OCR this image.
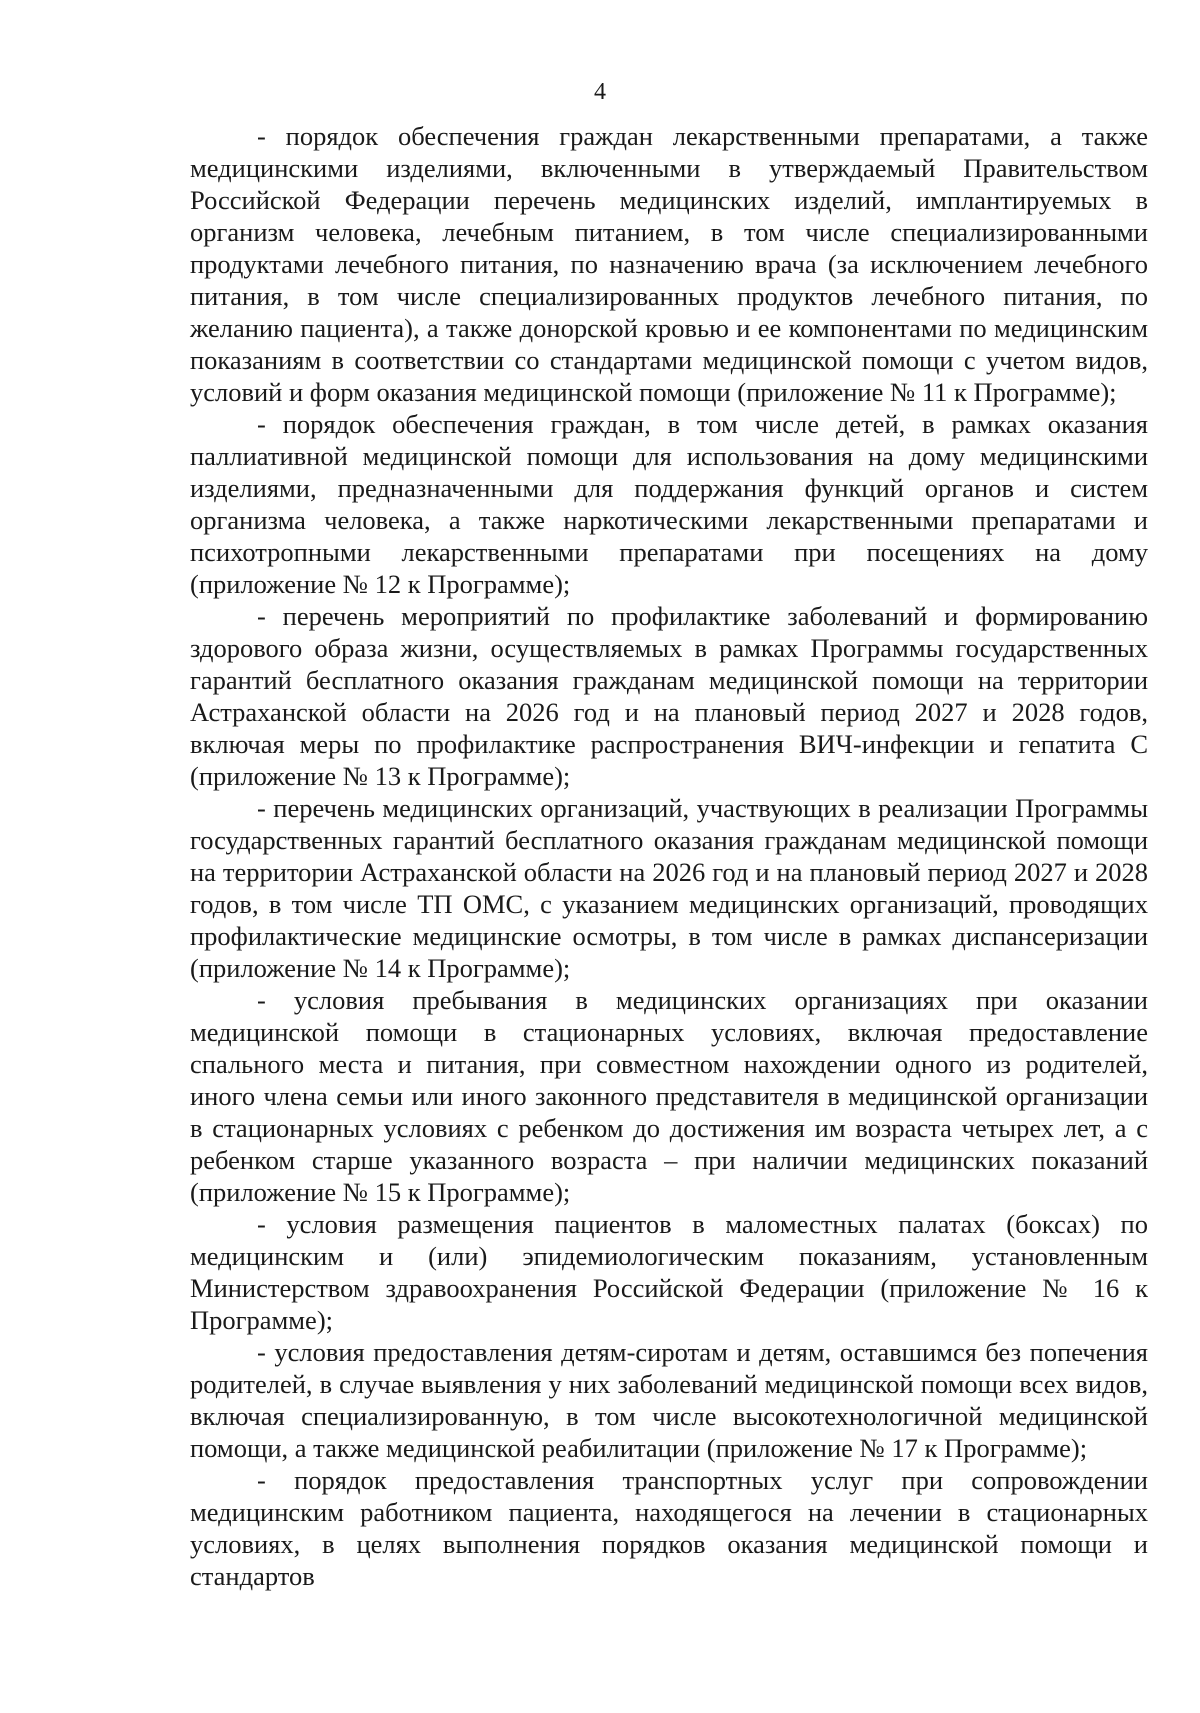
4

- порядок обеспечения граждан лекарственными препаратами, а также медицинскими изделиями, включенными в утверждаемый Правительством Российской Федерации перечень медицинских изделий, имплантируемых в организм человека, лечебным питанием, в том числе специализированными продуктами лечебного питания, по назначению врача (за исключением лечебного питания, в том числе специализированных продуктов лечебного питания, по желанию пациента), а также донорской кровью и ее компонентами по медицинским показаниям в соответствии со стандартами медицинской помощи с учетом видов, условий и форм оказания медицинской помощи (приложение № 11 к Программе);

- порядок обеспечения граждан, в том числе детей, в рамках оказания паллиативной медицинской помощи для использования на дому медицинскими изделиями, предназначенными для поддержания функций органов и систем организма человека, а также наркотическими лекарственными препаратами и психотропными лекарственными препаратами при посещениях на дому (приложение № 12 к Программе);

- перечень мероприятий по профилактике заболеваний и формированию здорового образа жизни, осуществляемых в рамках Программы государственных гарантий бесплатного оказания гражданам медицинской помощи на территории Астраханской области на 2026 год и на плановый период 2027 и 2028 годов, включая меры по профилактике распространения ВИЧ-инфекции и гепатита С (приложение № 13 к Программе);

- перечень медицинских организаций, участвующих в реализации Программы государственных гарантий бесплатного оказания гражданам медицинской помощи на территории Астраханской области на 2026 год и на плановый период 2027 и 2028 годов, в том числе ТП ОМС, с указанием медицинских организаций, проводящих профилактические медицинские осмотры, в том числе в рамках диспансеризации (приложение № 14 к Программе);

- условия пребывания в медицинских организациях при оказании медицинской помощи в стационарных условиях, включая предоставление спального места и питания, при совместном нахождении одного из родителей, иного члена семьи или иного законного представителя в медицинской организации в стационарных условиях с ребенком до достижения им возраста четырех лет, а с ребенком старше указанного возраста – при наличии медицинских показаний (приложение № 15 к Программе);

- условия размещения пациентов в маломестных палатах (боксах) по медицинским и (или) эпидемиологическим показаниям, установленным Министерством здравоохранения Российской Федерации (приложение № 16 к Программе);

- условия предоставления детям-сиротам и детям, оставшимся без попечения родителей, в случае выявления у них заболеваний медицинской помощи всех видов, включая специализированную, в том числе высокотехнологичной медицинской помощи, а также медицинской реабилитации (приложение № 17 к Программе);

- порядок предоставления транспортных услуг при сопровождении медицинским работником пациента, находящегося на лечении в стационарных условиях, в целях выполнения порядков оказания медицинской помощи и стандартов
